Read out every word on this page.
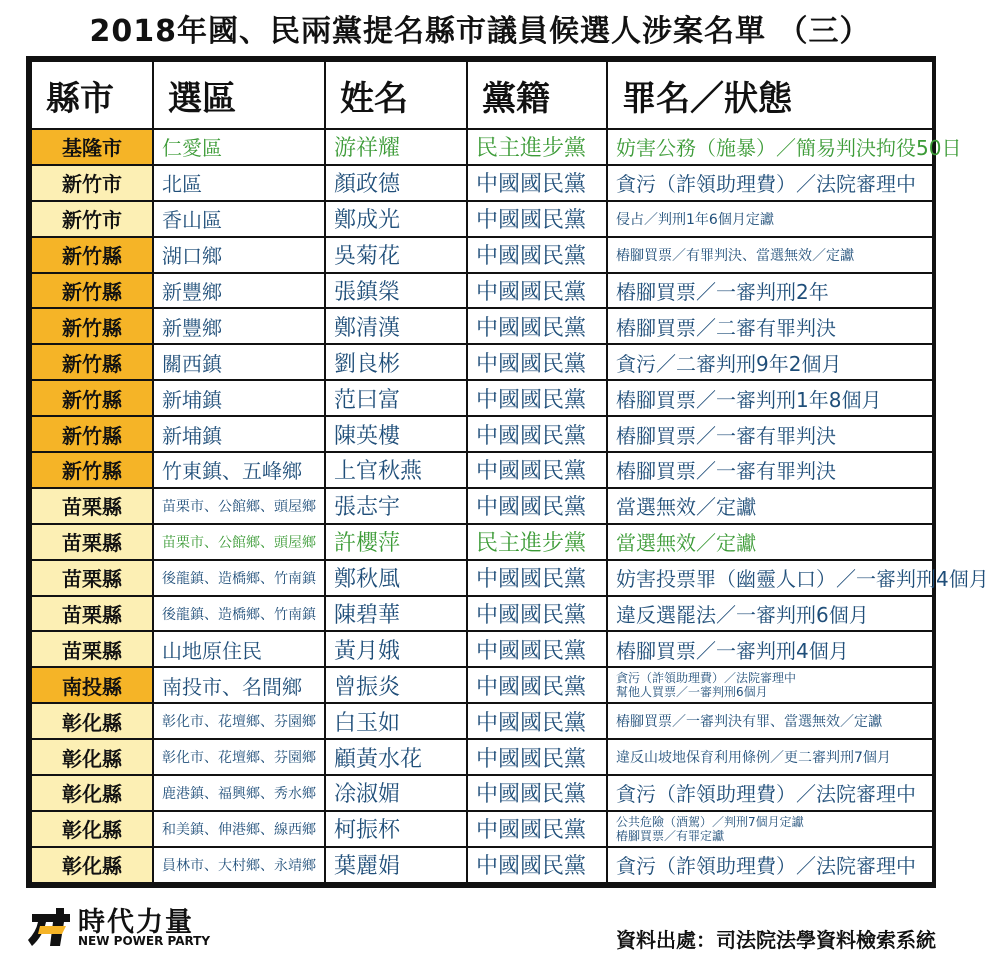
2018年國、民兩黨提名縣市議員候選人涉案名單 （三）
縣市	選區	姓名	黨籍	罪名／狀態
基隆市	仁愛區	游祥耀	民主進步黨	妨害公務（施暴）／簡易判決拘役50日

新竹市	北區	顏政德	中國國民黨	貪污（詐領助理費）／法院審理中

新竹市	香山區	鄭成光	中國國民黨	侵占／判刑1年6個月定讞

新竹縣	湖口鄉	吳菊花	中國國民黨	樁腳買票／有罪判決、當選無效／定讞

新竹縣	新豐鄉	張鎮榮	中國國民黨	樁腳買票／一審判刑2年

新竹縣	新豐鄉	鄭清漢	中國國民黨	樁腳買票／二審有罪判決

新竹縣	關西鎮	劉良彬	中國國民黨	貪污／二審判刑9年2個月

新竹縣	新埔鎮	范曰富	中國國民黨	樁腳買票／一審判刑1年8個月

新竹縣	新埔鎮	陳英樓	中國國民黨	樁腳買票／一審有罪判決

新竹縣	竹東鎮、五峰鄉	上官秋燕	中國國民黨	樁腳買票／一審有罪判決

苗栗縣	苗栗市、公館鄉、頭屋鄉	張志宇	中國國民黨	當選無效／定讞

苗栗縣	苗栗市、公館鄉、頭屋鄉	許櫻萍	民主進步黨	當選無效／定讞

苗栗縣	後龍鎮、造橋鄉、竹南鎮	鄭秋風	中國國民黨	妨害投票罪（幽靈人口）／一審判刑4個月

苗栗縣	後龍鎮、造橋鄉、竹南鎮	陳碧華	中國國民黨	違反選罷法／一審判刑6個月

苗栗縣	山地原住民	黃月娥	中國國民黨	樁腳買票／一審判刑4個月

南投縣	南投市、名間鄉	曾振炎	中國國民黨	貪污（詐領助理費）／法院審理中
幫他人買票／一審判刑6個月

彰化縣	彰化市、花壇鄉、芬園鄉	白玉如	中國國民黨	樁腳買票／一審判決有罪、當選無效／定讞

彰化縣	彰化市、花壇鄉、芬園鄉	顧黃水花	中國國民黨	違反山坡地保育利用條例／更二審判刑7個月

彰化縣	鹿港鎮、福興鄉、秀水鄉	凃淑媚	中國國民黨	貪污（詐領助理費）／法院審理中

彰化縣	和美鎮、伸港鄉、線西鄉	柯振杯	中國國民黨	公共危險（酒駕）／判刑7個月定讞
樁腳買票／有罪定讞

彰化縣	員林市、大村鄉、永靖鄉	葉麗娟	中國國民黨	貪污（詐領助理費）／法院審理中
時代力量
NEW POWER PARTY	資料出處：司法院法學資料檢索系統
